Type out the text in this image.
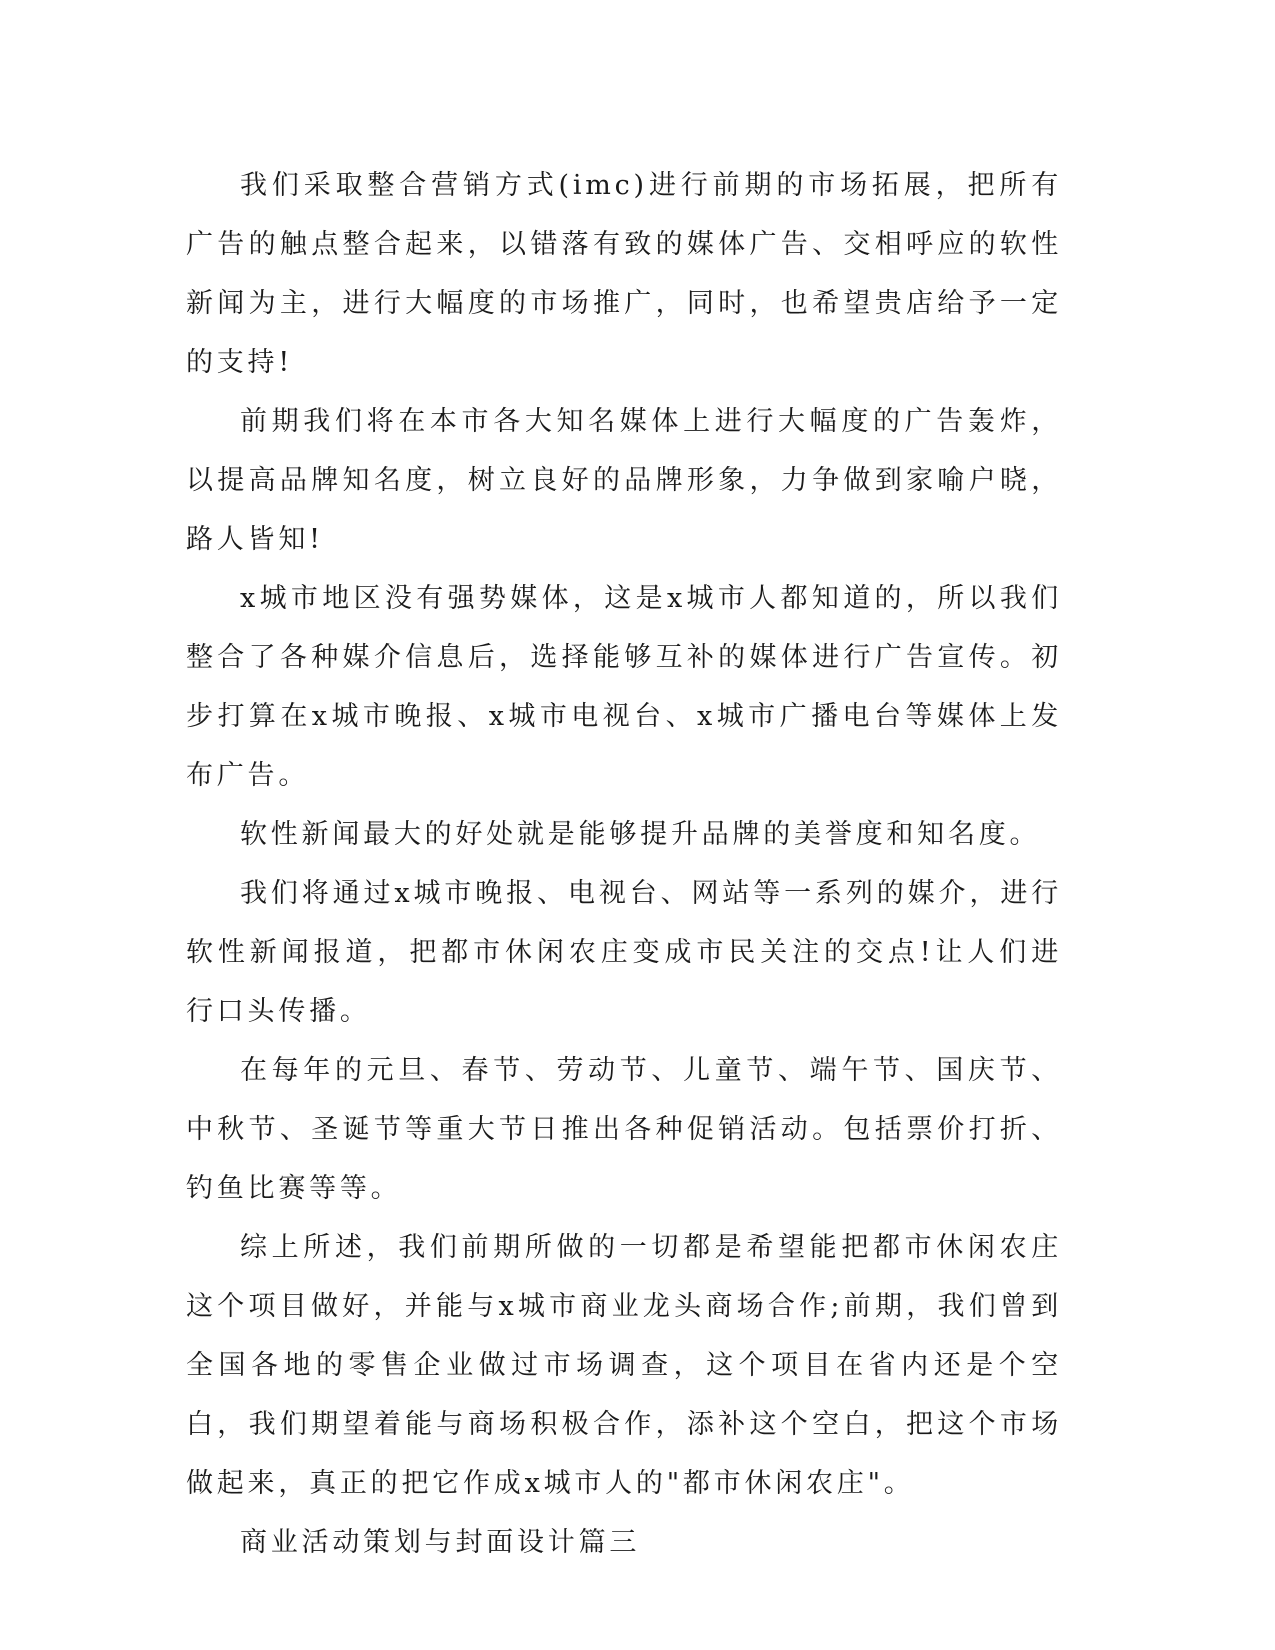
我们采取整合营销方式(imc)进行前期的市场拓展，把所有广告的触点整合起来，以错落有致的媒体广告、交相呼应的软性新闻为主，进行大幅度的市场推广，同时，也希望贵店给予一定的支持!

前期我们将在本市各大知名媒体上进行大幅度的广告轰炸，以提高品牌知名度，树立良好的品牌形象，力争做到家喻户晓，路人皆知!

x城市地区没有强势媒体，这是x城市人都知道的，所以我们整合了各种媒介信息后，选择能够互补的媒体进行广告宣传。初步打算在x城市晚报、x城市电视台、x城市广播电台等媒体上发布广告。

软性新闻最大的好处就是能够提升品牌的美誉度和知名度。

我们将通过x城市晚报、电视台、网站等一系列的媒介，进行软性新闻报道，把都市休闲农庄变成市民关注的交点!让人们进行口头传播。

在每年的元旦、春节、劳动节、儿童节、端午节、国庆节、中秋节、圣诞节等重大节日推出各种促销活动。包括票价打折、钓鱼比赛等等。

综上所述，我们前期所做的一切都是希望能把都市休闲农庄这个项目做好，并能与x城市商业龙头商场合作;前期，我们曾到全国各地的零售企业做过市场调查，这个项目在省内还是个空白，我们期望着能与商场积极合作，添补这个空白，把这个市场做起来，真正的把它作成x城市人的"都市休闲农庄"。

商业活动策划与封面设计篇三
